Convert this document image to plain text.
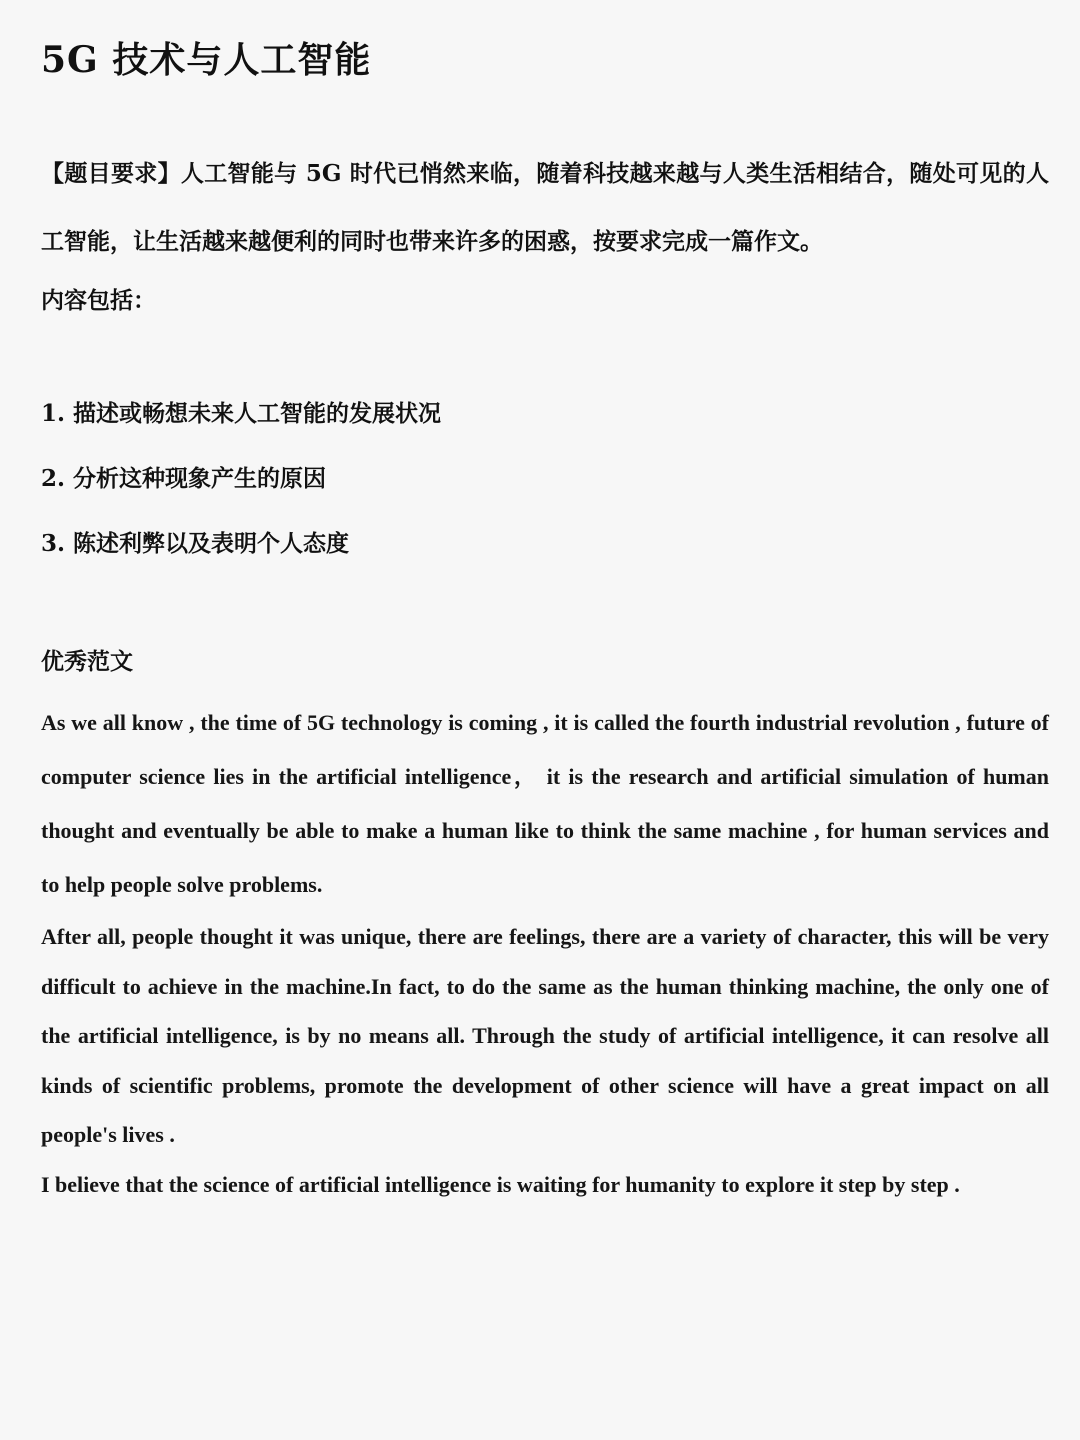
5G 技术与人工智能

【题目要求】人工智能与 5G 时代已悄然来临，随着科技越来越与人类生活相结合，随处可见的人工智能，让生活越来越便利的同时也带来许多的困惑，按要求完成一篇作文。

内容包括：

1. 描述或畅想未来人工智能的发展状况
2. 分析这种现象产生的原因
3. 陈述利弊以及表明个人态度

优秀范文

As we all know , the time of 5G technology is coming , it is called the fourth industrial revolution , future of computer science lies in the artificial intelligence， it is the research and artificial simulation of human thought and eventually be able to make a human like to think the same machine , for human services and to help people solve problems.

After all, people thought it was unique, there are feelings, there are a variety of character, this will be very difficult to achieve in the machine.In fact, to do the same as the human thinking machine, the only one of the artificial intelligence, is by no means all. Through the study of artificial intelligence, it can resolve all kinds of scientific problems, promote the development of other science will have a great impact on all people's lives .

I believe that the science of artificial intelligence is waiting for humanity to explore it step by step .
